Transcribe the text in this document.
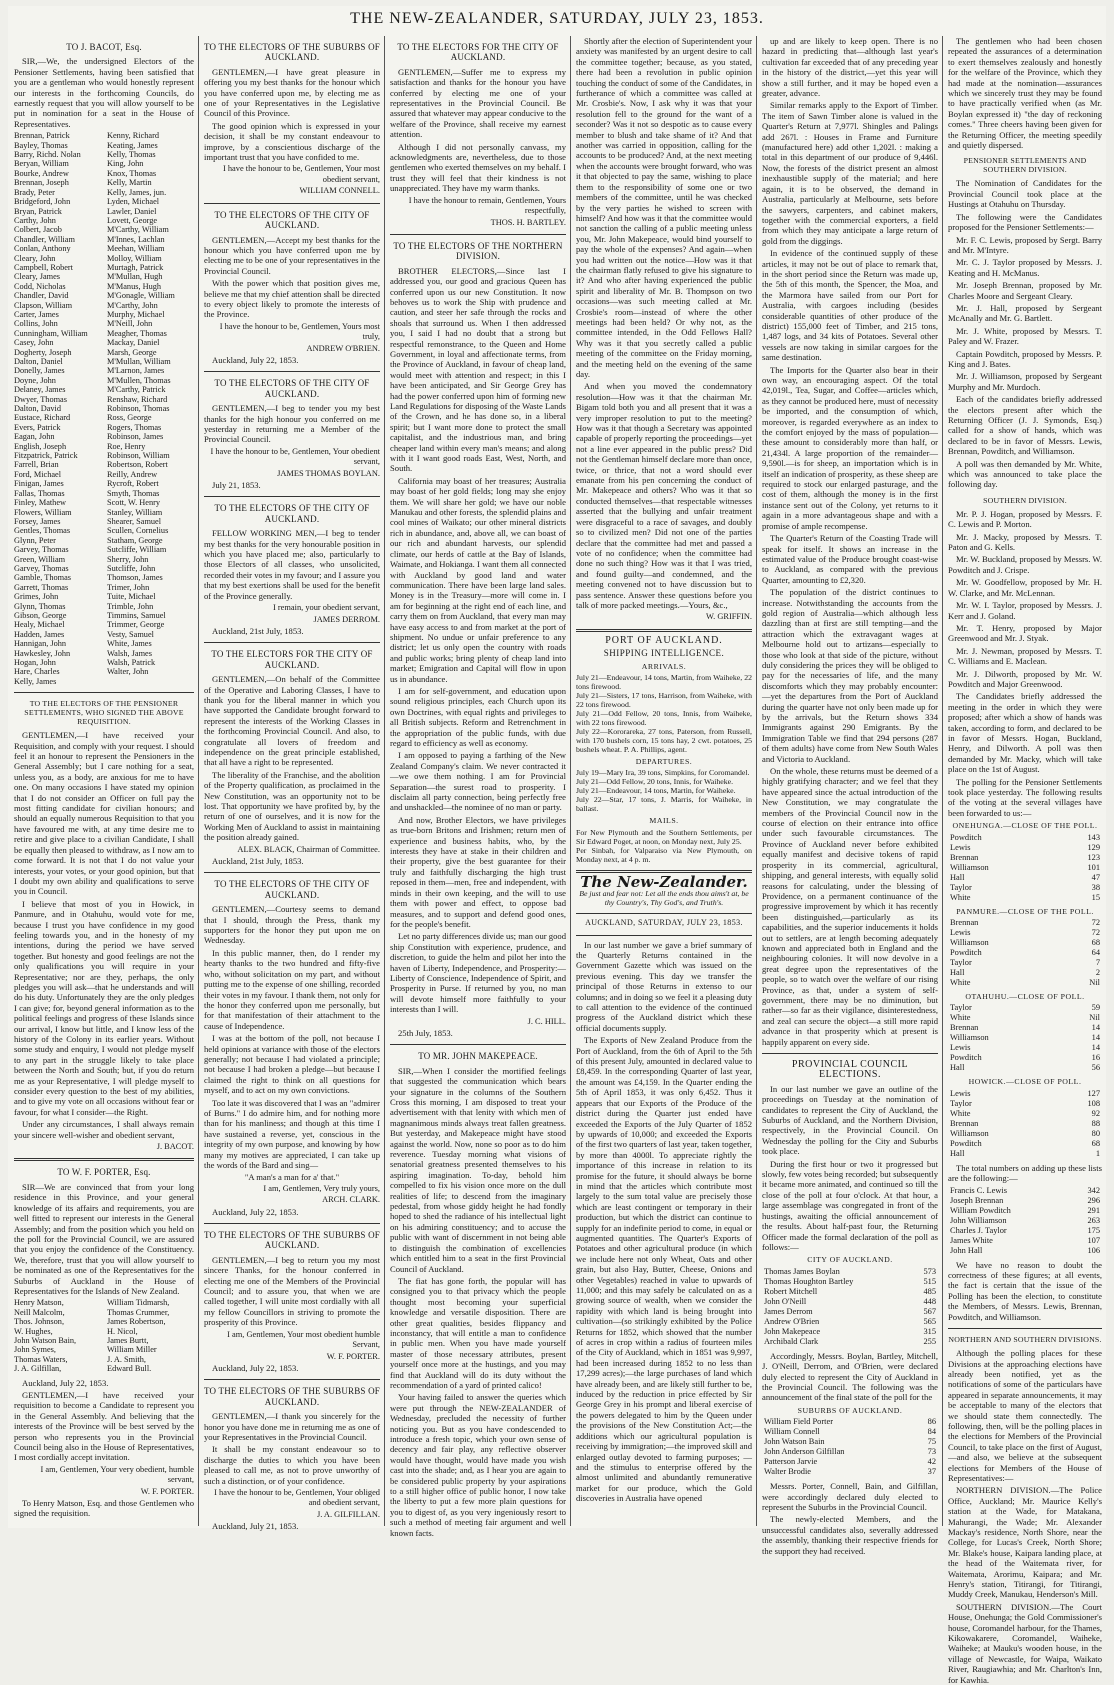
THE NEW-ZEALANDER, SATURDAY, JULY 23, 1853.
TO J. BACOT, Esq.

SIR,—We, the undersigned Electors of the Pensioner Settlements, having been satisfied that you are a gentleman who would honestly represent our interests in the forthcoming Councils, do earnestly request that you will allow yourself to be put in nomination for a seat in the House of Representatives.

Brennan, Patrick	Kenny, Richard
Bayley, Thomas	Keating, James
Barry, Richd. Nolan	Kelly, Thomas
Beryan, William	King, John
Bourke, Andrew	Knox, Thomas
Brennan, Joseph	Kelly, Martin
Brady, Peter	Kelly, James, jun.
Bridgeford, John	Lyden, Michael
Bryan, Patrick	Lawler, Daniel
Carthy, John	Lovett, George
Colbert, Jacob	M'Carthy, William
Chandler, William	M'Innes, Lachlan
Conlan, Anthony	Meehan, William
Cleary, John	Molloy, William
Campbell, Robert	Murtagh, Patrick
Cleary, James	M'Mullan, Hugh
Codd, Nicholas	M'Manus, Hugh
Chandler, David	M'Gonagle, William
Clapson, William	M'Carthy, John
Carter, James	Murphy, Michael
Collins, John	M'Neill, John
Cunningham, William	Meagher, Thomas
Casey, John	Mackay, Daniel
Dogherty, Joseph	Marsh, George
Dalton, Daniel	M'Mullan, William
Donelly, James	M'Larnon, James
Doyne, John	M'Mullen, Thomas
Delaney, James	M'Carthy, Patrick
Dwyer, Thomas	Renshaw, Richard
Dalton, David	Robinson, Thomas
Eustace, Richard	Ross, George
Evers, Patrick	Rogers, Thomas
Eagan, John	Robinson, James
English, Joseph	Roe, Henry
Fitzpatrick, Patrick	Robinson, William
Farrell, Brian	Robertson, Robert
Ford, Michael	Reilly, Andrew
Finigan, James	Rycroft, Robert
Fallas, Thomas	Smyth, Thomas
Finley, Mathew	Scott, W. Henry
Flowers, William	Stanley, William
Forsey, James	Shearer, Samuel
Gentles, Thomas	Scullen, Cornelius
Glynn, Peter	Statham, George
Garvey, Thomas	Sutcliffe, William
Green, William	Sherry, John
Garvey, Thomas	Sutcliffe, John
Gamble, Thomas	Thomson, James
Garrett, Thomas	Trimer, John
Grimes, John	Tuite, Michael
Glynn, Thomas	Trimble, John
Gibson, George	Timmins, Samuel
Healy, Michael	Trimmer, George
Hadden, James	Vesty, Samuel
Hannigan, John	White, James
Hawkesley, John	Walsh, James
Hogan, John	Walsh, Patrick
Hare, Charles	Walter, John
Kelly, James
TO THE ELECTORS OF THE PENSIONER SETTLEMENTS, WHO SIGNED THE ABOVE REQUISITION.

GENTLEMEN,—I have received your Requisition, and comply with your request. I should feel it an honour to represent the Pensioners in the General Assembly; but I care nothing for a seat, unless you, as a body, are anxious for me to have one. On many occasions I have stated my opinion that I do not consider an Officer on full pay the most fitting candidate for civilian honours; and should an equally numerous Requisition to that you have favoured me with, at any time desire me to retire and give place to a civilian Candidate, I shall be equally then pleased to withdraw, as I now am to come forward. It is not that I do not value your interests, your votes, or your good opinion, but that I doubt my own ability and qualifications to serve you in Council.

I believe that most of you in Howick, in Panmure, and in Otahuhu, would vote for me, because I trust you have confidence in my good feeling towards you, and in the honesty of my intentions, during the period we have served together. But honesty and good feelings are not the only qualifications you will require in your Representative; nor are they, perhaps, the only pledges you will ask—that he understands and will do his duty. Unfortunately they are the only pledges I can give; for, beyond general information as to the political feelings and progress of these Islands since our arrival, I know but little, and I know less of the history of the Colony in its earlier years. Without some study and enquiry, I would not pledge myself to any part in the struggle likely to take place between the North and South; but, if you do return me as your Representative, I will pledge myself to consider every question to the best of my abilities, and to give my vote on all occasions without fear or favour, for what I consider—the Right.

Under any circumstances, I shall always remain your sincere well-wisher and obedient servant,

J. BACOT.
TO W. F. PORTER, Esq.

SIR—We are convinced that from your long residence in this Province, and your general knowledge of its affairs and requirements, you are well fitted to represent our interests in the General Assembly; and from the position which you held on the poll for the Provincial Council, we are assured that you enjoy the confidence of the Constituency. We, therefore, trust that you will allow yourself to be nominated as one of the Representatives for the Suburbs of Auckland in the House of Representatives for the Islands of New Zealand.

Henry Matson,	William Tidmarsh,
Neill Malcolm,	Thomas Crummer,
Thos. Johnson,	James Robertson,
W. Hughes,	H. Nicol,
John Watson Bain,	James Burtt,
John Symes,	William Miller
Thomas Waters,	J. A. Smith,
J. A. Gilfillan,	Edward Bull.

Auckland, July 22, 1853.

GENTLEMEN,—I have received your requisition to become a Candidate to represent you in the General Assembly. And believing that the interests of the Province will be best served by the person who represents you in the Provincial Council being also in the House of Representatives, I most cordially accept invitation.

I am, Gentlemen, Your very obedient, humble servant,
W. F. PORTER.

To Henry Matson, Esq. and those Gentlemen who signed the requisition.

TO THE ELECTORS OF THE SUBURBS OF AUCKLAND.

GENTLEMEN,—I have great pleasure in offering you my best thanks for the honour which you have conferred upon me, by electing me as one of your Representatives in the Legislative Council of this Province.

The good opinion which is expressed in your decision, it shall be my constant endeavour to improve, by a conscientious discharge of the important trust that you have confided to me.

I have the honour to be, Gentlemen, Your most obedient servant,
WILLIAM CONNELL.
TO THE ELECTORS OF THE CITY OF AUCKLAND.

GENTLEMEN,—Accept my best thanks for the honour which you have conferred upon me by electing me to be one of your representatives in the Provincial Council.

With the power which that position gives me, believe me that my chief attention shall be directed to every object likely to promote the interests of the Province.

I have the honour to be, Gentlemen, Yours most truly,
ANDREW O'BRIEN.

Auckland, July 22, 1853.

TO THE ELECTORS OF THE CITY OF AUCKLAND.

GENTLEMEN,—I beg to tender you my best thanks for the high honour you conferred on me yesterday in returning me a Member of the Provincial Council.

I have the honour to be, Gentlemen, Your obedient servant,
JAMES THOMAS BOYLAN.

July 21, 1853.

TO THE ELECTORS OF THE CITY OF AUCKLAND.

FELLOW WORKING MEN,—I beg to tender my best thanks for the very honourable position in which you have placed me; also, particularly to those Electors of all classes, who unsolicited, recorded their votes in my favour; and I assure you that my best exertions shall be used for the benefit of the Province generally.

I remain, your obedient servant,
JAMES DERROM.

Auckland, 21st July, 1853.

TO THE ELECTORS FOR THE CITY OF AUCKLAND.

GENTLEMEN,—On behalf of the Committee of the Operative and Laboring Classes, I have to thank you for the liberal manner in which you have supported the Candidate brought forward to represent the interests of the Working Classes in the forthcoming Provincial Council. And also, to congratulate all lovers of freedom and independence on the great principle established, that all have a right to be represented.

The liberality of the Franchise, and the abolition of the Property qualification, as proclaimed in the New Constitution, was an opportunity not to be lost. That opportunity we have profited by, by the return of one of ourselves, and it is now for the Working Men of Auckland to assist in maintaining the position already gained.

ALEX. BLACK, Chairman of Committee.

Auckland, 21st July, 1853.

TO THE ELECTORS OF THE CITY OF AUCKLAND.

GENTLEMEN,—Courtesy seems to demand that I should, through the Press, thank my supporters for the honor they put upon me on Wednesday.

In this public manner, then, do I render my hearty thanks to the two hundred and fifty-five who, without solicitation on my part, and without putting me to the expense of one shilling, recorded their votes in my favour. I thank them, not only for the honor they conferred upon me personally, but for that manifestation of their attachment to the cause of Independence.

I was at the bottom of the poll, not because I held opinions at variance with those of the electors generally; not because I had violated a principle; not because I had broken a pledge—but because I claimed the right to think on all questions for myself, and to act on my own convictions.

Too late it was discovered that I was an "admirer of Burns." I do admire him, and for nothing more than for his manliness; and though at this time I have sustained a reverse, yet, conscious in the integrity of my own purpose, and knowing by how many my motives are appreciated, I can take up the words of the Bard and sing—

"A man's a man for a' that."
I am, Gentlemen, Very truly yours,
ARCH. CLARK.

Auckland, July 22, 1853.

TO THE ELECTORS OF THE SUBURBS OF AUCKLAND.

GENTLEMEN,—I beg to return you my most sincere Thanks, for the honour conferred in electing me one of the Members of the Provincial Council; and to assure you, that when we are called together, I will unite most cordially with all my fellow Councillors in striving to promote the prosperity of this Province.

I am, Gentlemen, Your most obedient humble Servant,
W. F. PORTER.

Auckland, July 22, 1853.

TO THE ELECTORS OF THE SUBURBS OF AUCKLAND.

GENTLEMEN,—I thank you sincerely for the honor you have done me in returning me as one of your Representatives in the Provincial Council.

It shall be my constant endeavour so to discharge the duties to which you have been pleased to call me, as not to prove unworthy of such a distinction, or of your confidence.

I have the honour to be, Gentlemen, Your obliged and obedient servant,
J. A. GILFILLAN.

Auckland, July 21, 1853.

TO THE ELECTORS FOR THE CITY OF AUCKLAND.

GENTLEMEN,—Suffer me to express my satisfaction and thanks for the honour you have conferred by electing me one of your representatives in the Provincial Council. Be assured that whatever may appear conducive to the welfare of the Province, shall receive my earnest attention.

Although I did not personally canvass, my acknowledgments are, nevertheless, due to those gentlemen who exerted themselves on my behalf. I trust they will feel that their kindness is not unappreciated. They have my warm thanks.

I have the honour to remain, Gentlemen, Yours respectfully,
THOS. H. BARTLEY.
TO THE ELECTORS OF THE NORTHERN DIVISION.

BROTHER ELECTORS,—Since last I addressed you, our good and gracious Queen has conferred upon us our new Constitution. It now behoves us to work the Ship with prudence and caution, and steer her safe through the rocks and shoals that surround us. When I then addressed you, I said I had no doubt that a strong but respectful remonstrance, to the Queen and Home Government, in loyal and affectionate terms, from the Province of Auckland, in favour of cheap land, would meet with attention and respect; in this I have been anticipated, and Sir George Grey has had the power conferred upon him of forming new Land Regulations for disposing of the Waste Lands of the Crown, and he has done so, in a liberal spirit; but I want more done to protect the small capitalist, and the industrious man, and bring cheaper land within every man's means; and along with it I want good roads East, West, North, and South.

California may boast of her treasures; Australia may boast of her gold fields; long may she enjoy them. We will share her gold; we have our noble Manukau and other forests, the splendid plains and cool mines of Waikato; our other mineral districts rich in abundance, and, above all, we can boast of our rich and abundant harvests, our splendid climate, our herds of cattle at the Bay of Islands, Waimate, and Hokianga. I want them all connected with Auckland by good land and water communication. There have been large land sales. Money is in the Treasury—more will come in. I am for beginning at the right end of each line, and carry them on from Auckland, that every man may have easy access to and from market at the port of shipment. No undue or unfair preference to any district; let us only open the country with roads and public works; bring plenty of cheap land into market; Emigration and Capital will flow in upon us in abundance.

I am for self-government, and education upon sound religious principles, each Church upon its own Doctrines, with equal rights and privileges to all British subjects. Reform and Retrenchment in the appropriation of the public funds, with due regard to efficiency as well as economy.

I am opposed to paying a farthing of the New Zealand Company's claim. We never contracted it—we owe them nothing. I am for Provincial Separation—the surest road to prosperity. I disclaim all party connection, being perfectly free and unshackled—the nominee of no man or party.

And now, Brother Electors, we have privileges as true-born Britons and Irishmen; return men of experience and business habits, who, by the interests they have at stake in their children and their property, give the best guarantee for their truly and faithfully discharging the high trust reposed in them—men, free and independent, with minds in their own keeping, and the will to use them with power and effect, to oppose bad measures, and to support and defend good ones, for the people's benefit.

Let no party differences divide us; man our good ship Constitution with experience, prudence, and discretion, to guide the helm and pilot her into the haven of Liberty, Independence, and Prosperity:—Liberty of Conscience, Independence of Spirit, and Prosperity in Purse. If returned by you, no man will devote himself more faithfully to your interests than I will.

J. C. HILL.

25th July, 1853.

TO MR. JOHN MAKEPEACE.

SIR,—When I consider the mortified feelings that suggested the communication which bears your signature in the columns of the Southern Cross this morning, I am disposed to treat your advertisement with that lenity with which men of magnanimous minds always treat fallen greatness. But yesterday, and Makepeace might have stood against the world. Now, none so poor as to do him reverence. Tuesday morning what visions of senatorial greatness presented themselves to his aspiring imagination. To-day, behold him compelled to fix his vision once more on the dull realities of life; to descend from the imaginary pedestal, from whose giddy height he had fondly hoped to shed the radiance of his intellectual light on his admiring constituency; and to accuse the public with want of discernment in not being able to distinguish the combination of excellencies which entitled him to a seat in the first Provincial Council of Auckland.

The fiat has gone forth, the popular will has consigned you to that privacy which the people thought most becoming your superficial knowledge and versatile disposition. There are other great qualities, besides flippancy and inconstancy, that will entitle a man to confidence in public men. When you have made yourself master of those necessary attributes, present yourself once more at the hustings, and you may find that Auckland will do its duty without the recommendation of a yard of printed calico!

Your having failed to answer the queries which were put through the NEW-ZEALANDER of Wednesday, precluded the necessity of further noticing you. But as you have condescended to introduce a fresh topic, which your own sense of decency and fair play, any reflective observer would have thought, would have made you wish cast into the shade; and, as I hear you are again to be considered public property by your aspirations to a still higher office of public honor, I now take the liberty to put a few more plain questions for you to digest of, as you very ingeniously resort to such a method of meeting fair argument and well known facts.

Shortly after the election of Superintendent your anxiety was manifested by an urgent desire to call the committee together; because, as you stated, there had been a revolution in public opinion touching the conduct of some of the Candidates, in furtherance of which a committee was called at Mr. Crosbie's. Now, I ask why it was that your resolution fell to the ground for the want of a seconder? Was it not so despotic as to cause every member to blush and take shame of it? And that another was carried in opposition, calling for the accounts to be produced? And, at the next meeting when the accounts were brought forward, who was it that objected to pay the same, wishing to place them to the responsibility of some one or two members of the committee, until he was checked by the very parties he wished to screen with himself? And how was it that the committee would not sanction the calling of a public meeting unless you, Mr. John Makepeace, would bind yourself to pay the whole of the expenses? And again—when you had written out the notice—How was it that the chairman flatly refused to give his signature to it? And who after having experienced the public spirit and liberality of Mr. B. Thompson on two occasions—was such meeting called at Mr. Crosbie's room—instead of where the other meetings had been held? Or why not, as the committee intended, in the Odd Fellows Hall? Why was it that you secretly called a public meeting of the committee on the Friday morning, and the meeting held on the evening of the same day.

And when you moved the condemnatory resolution—How was it that the chairman Mr. Bigam told both you and all present that it was a very improper resolution to put to the meeting? How was it that though a Secretary was appointed capable of properly reporting the proceedings—yet not a line ever appeared in the public press? Did not the Gentleman himself declare more than once, twice, or thrice, that not a word should ever emanate from his pen concerning the conduct of Mr. Makepeace and others? Who was it that so conducted themselves—that respectable witnesses asserted that the bullying and unfair treatment were disgraceful to a race of savages, and doubly so to civilized men? Did not one of the parties declare that the committee had met and passed a vote of no confidence; when the committee had done no such thing? How was it that I was tried, and found guilty—and condemned, and the meeting convened not to have discussion but to pass sentence. Answer these questions before you talk of more packed meetings.—Yours, &c.,

W. GRIFFIN.
PORT OF AUCKLAND.
SHIPPING INTELLIGENCE.
ARRIVALS.
July 21—Endeavour, 14 tons, Martin, from Waiheke, 22 tons firewood.
July 21—Sisters, 17 tons, Harrison, from Waiheke, with 22 tons firewood.
July 21—Odd Fellow, 20 tons, Innis, from Waiheke, with 22 tons firewood.
July 22—Kororareka, 27 tons, Paterson, from Russell, with 170 bushels corn, 15 tons hay, 2 cwt. potatoes, 25 bushels wheat. P. A. Phillips, agent.
DEPARTURES.
July 19—Mary Ira, 39 tons, Simpkins, for Coromandel.
July 21—Odd Fellow, 20 tons, Innis, for Waiheke.
July 21—Endeavour, 14 tons, Martin, for Waiheke.
July 22—Star, 17 tons, J. Marris, for Waiheke, in ballast.
MAILS.
For New Plymouth and the Southern Settlements, per Sir Edward Poget, at noon, on Monday next, July 25.
Per Sinbah, for Valparaiso via New Plymouth, on Monday next, at 4 p. m.
The New-Zealander.
Be just and fear not: Let all the ends thou aims't at, be thy Country's, Thy God's, and Truth's.
AUCKLAND, SATURDAY, JULY 23, 1853.

In our last number we gave a brief summary of the Quarterly Returns contained in the Government Gazette which was issued on the previous evening. This day we transfer the principal of those Returns in extenso to our columns; and in doing so we feel it a pleasing duty to call attention to the evidence of the continued progress of the Auckland district which these official documents supply.

The Exports of New Zealand Produce from the Port of Auckland, from the 6th of April to the 5th of this present July, amounted in declared value to £8,459. In the corresponding Quarter of last year, the amount was £4,159. In the Quarter ending the 5th of April 1853, it was only 6,452. Thus it appears that our Exports of the Produce of the district during the Quarter just ended have exceeded the Exports of the July Quarter of 1852 by upwards of 10,000; and exceeded the Exports of the first two quarters of last year, taken together, by more than 4000l. To appreciate rightly the importance of this increase in relation to its promise for the future, it should always be borne in mind that the articles which contribute most largely to the sum total value are precisely those which are least contingent or temporary in their production, but which the district can continue to supply for an indefinite period to come, in equal or augmented quantities. The Quarter's Exports of Potatoes and other agricultural produce (in which we include here not only Wheat, Oats and other grain, but also Hay, Butter, Cheese, Onions and other Vegetables) reached in value to upwards of 11,000; and this may safely be calculated on as a growing source of wealth, when we consider the rapidity with which land is being brought into cultivation—(so strikingly exhibited by the Police Returns for 1852, which showed that the number of acres in crop within a radius of fourteen miles of the City of Auckland, which in 1851 was 9,997, had been increased during 1852 to no less than 17,299 acres);—the large purchases of land which have already been, and are likely still further to be, induced by the reduction in price effected by Sir George Grey in his prompt and liberal exercise of the powers delegated to him by the Queen under the provisions of the New Constitution Act;—the additions which our agricultural population is receiving by immigration;—the improved skill and enlarged outlay devoted to farming purposes; —and the stimulus to enterprise offered by the almost unlimited and abundantly remunerative market for our produce, which the Gold discoveries in Australia have opened

up and are likely to keep open. There is no hazard in predicting that—although last year's cultivation far exceeded that of any preceding year in the history of the district,—yet this year will show a still further, and it may be hoped even a greater, advance.

Similar remarks apply to the Export of Timber. The item of Sawn Timber alone is valued in the Quarter's Return at 7,977l. Shingles and Palings add 267l. : Houses in Frame and Furniture (manufactured here) add other 1,202l. : making a total in this department of our produce of 9,446l. Now, the forests of the district present an almost inexhaustible supply of the material; and here again, it is to be observed, the demand in Australia, particularly at Melbourne, sets before the sawyers, carpenters, and cabinet makers, together with the commercial exporters, a field from which they may anticipate a large return of gold from the diggings.

In evidence of the continued supply of these articles, it may not be out of place to remark that, in the short period since the Return was made up, the 5th of this month, the Spencer, the Moa, and the Marmora have sailed from our Port for Australia, with cargoes including (besides considerable quantities of other produce of the district) 155,000 feet of Timber, and 215 tons, 1,487 logs, and 34 kits of Potatoes. Several other vessels are now taking in similar cargoes for the same destination.

The Imports for the Quarter also bear in their own way, an encouraging aspect. Of the total 42,019l., Tea, Sugar, and Coffee—articles which, as they cannot be produced here, must of necessity be imported, and the consumption of which, moreover, is regarded everywhere as an index to the comfort enjoyed by the mass of population—these amount to considerably more than half, or 21,434l. A large proportion of the remainder—9,590l.—is for sheep, an importation which is in itself an indication of prosperity, as these sheep are required to stock our enlarged pasturage, and the cost of them, although the money is in the first instance sent out of the Colony, yet returns to it again in a more advantageous shape and with a promise of ample recompense.

The Quarter's Return of the Coasting Trade will speak for itself. It shows an increase in the estimated value of the Produce brought coast-wise to Auckland, as compared with the previous Quarter, amounting to £2,320.

The population of the district continues to increase. Notwithstanding the accounts from the gold region of Australia—which although less dazzling than at first are still tempting—and the attraction which the extravagant wages at Melbourne hold out to artizans—especially to those who look at that side of the picture, without duly considering the prices they will be obliged to pay for the necessaries of life, and the many discomforts which they may probably encounter:—yet the departures from the Port of Auckland during the quarter have not only been made up for by the arrivals, but the Return shows 334 Immigrants against 290 Emigrants. By the Immigration Table we find that 294 persons (287 of them adults) have come from New South Wales and Victoria to Auckland.

On the whole, these returns must be deemed of a highly gratifying character; and we feel that they have appeared since the actual introduction of the New Constitution, we may congratulate the members of the Provincial Council now in the course of election on their entrance into office under such favourable circumstances. The Province of Auckland never before exhibited equally manifest and decisive tokens of rapid prosperity in its commercial, agricultural, shipping, and general interests, with equally solid reasons for calculating, under the blessing of Providence, on a permanent continuance of the progressive improvement by which it has recently been distinguished,—particularly as its capabilities, and the superior inducements it holds out to settlers, are at length becoming adequately known and appreciated both in England and the neighbouring colonies. It will now devolve in a great degree upon the representatives of the people, so to watch over the welfare of our rising Province, as that, under a system of self-government, there may be no diminution, but rather—so far as their vigilance, disinterestedness, and zeal can secure the object—a still more rapid advance in that prosperity which at present is happily apparent on every side.

PROVINCIAL COUNCIL ELECTIONS.

In our last number we gave an outline of the proceedings on Tuesday at the nomination of candidates to represent the City of Auckland, the Suburbs of Auckland, and the Northern Division, respectively, in the Provincial Council. On Wednesday the polling for the City and Suburbs took place.

During the first hour or two it progressed but slowly, few votes being recorded; but subsequently it became more animated, and continued so till the close of the poll at four o'clock. At that hour, a large assemblage was congregated in front of the hustings, awaiting the official announcement of the results. About half-past four, the Returning Officer made the formal declaration of the poll as follows:—

CITY OF AUCKLAND.
Thomas James Boylan	573
Thomas Houghton Bartley	515
Robert Mitchell	485
John O'Neill	448
James Derrom	567
Andrew O'Brien	565
John Makepeace	315
Archibald Clark	255

Accordingly, Messrs. Boylan, Bartley, Mitchell, J. O'Neill, Derrom, and O'Brien, were declared duly elected to represent the City of Auckland in the Provincial Council. The following was the announcement of the final state of the poll for the

SUBURBS OF AUCKLAND.
William Field Porter	86
William Connell	84
John Watson Bain	75
John Anderson Gilfillan	73
Patterson Jarvie	42
Walter Brodie	37

Messrs. Porter, Connell, Bain, and Gilfillan, were accordingly declared duly elected to represent the Suburbs in the Provincial Council.

The newly-elected Members, and the unsuccessful candidates also, severally addressed the assembly, thanking their respective friends for the support they had received.

The gentlemen who had been chosen repeated the assurances of a determination to exert themselves zealously and honestly for the welfare of the Province, which they had made at the nomination—assurances which we sincerely trust they may be found to have practically verified when (as Mr. Boylan expressed it) "the day of reckoning comes." Three cheers having been given for the Returning Officer, the meeting speedily and quietly dispersed.

PENSIONER SETTLEMENTS AND SOUTHERN DIVISION.

The Nomination of Candidates for the Provincial Council took place at the Hustings at Otahuhu on Thursday.

The following were the Candidates proposed for the Pensioner Settlements:—

Mr. F. C. Lewis, proposed by Sergt. Barry and Mr. M'Intyre.

Mr. C. J. Taylor proposed by Messrs. J. Keating and H. McManus.

Mr. Joseph Brennan, proposed by Mr. Charles Moore and Sergeant Cleary.

Mr. J. Hall, proposed by Sergeant McAnally and Mr. G. Bartlett.

Mr. J. White, proposed by Messrs. T. Paley and W. Frazer.

Captain Powditch, proposed by Messrs. P. King and J. Bates.

Mr. J. Williamson, proposed by Sergeant Murphy and Mr. Murdoch.

Each of the candidates briefly addressed the electors present after which the Returning Officer (J. J. Symonds, Esq.) called for a show of hands, which was declared to be in favor of Messrs. Lewis, Brennan, Powditch, and Williamson.

A poll was then demanded by Mr. White, which was announced to take place the following day.

SOUTHERN DIVISION.

Mr. P. J. Hogan, proposed by Messrs. F. C. Lewis and P. Morton.

Mr. J. Macky, proposed by Messrs. T. Paton and G. Kells.

Mr. W. Buckland, proposed by Messrs. W. Powditch and J. Crispe.

Mr. W. Goodfellow, proposed by Mr. H. W. Clarke, and Mr. McLennan.

Mr. W. I. Taylor, proposed by Messrs. J. Kerr and J. Goland.

Mr. T. Henry, proposed by Major Greenwood and Mr. J. Styak.

Mr. J. Newman, proposed by Messrs. T. C. Williams and E. Maclean.

Mr. J. Dilworth, proposed by Mr. W. Powditch and Major Greenwood.

The Candidates briefly addressed the meeting in the order in which they were proposed; after which a show of hands was taken, according to form, and declared to be in favor of Messrs. Hogan, Buckland, Henry, and Dilworth. A poll was then demanded by Mr. Macky, which will take place on the 1st of August.

The polling for the Pensioner Settlements took place yesterday. The following results of the voting at the several villages have been forwarded to us:—

ONEHUNGA.—CLOSE OF THE POLL.
Powditch	143
Lewis	129
Brennan	123
Williamson	101
Hall	47
Taylor	38
White	15
PANMURE.—CLOSE OF THE POLL.
Brennan	72
Lewis	72
Williamson	68
Powditch	64
Taylor	7
Hall	2
White	Nil
OTAHUHU.—CLOSE OF POLL.
Taylor	59
White	Nil
Brennan	14
Williamson	14
Lewis	14
Powditch	16
Hall	56
HOWICK.—CLOSE OF POLL.
Lewis	127
Taylor	108
White	92
Brennan	88
Williamson	80
Powditch	68
Hall	1

The total numbers on adding up these lists are the following:—

Francis C. Lewis	342
Joseph Brennan	296
William Powditch	291
John Williamson	263
Charles J. Taylor	175
James White	107
John Hall	106

We have no reason to doubt the correctness of these figures; at all events, the fact is certain that the issue of the Polling has been the election, to constitute the Members, of Messrs. Lewis, Brennan, Powditch, and Williamson.

NORTHERN AND SOUTHERN DIVISIONS.

Although the polling places for these Divisions at the approaching elections have already been notified, yet as the notifications of some of the particulars have appeared in separate announcements, it may be acceptable to many of the electors that we should state them connectedly. The following, then, will be the polling places in the elections for Members of the Provincial Council, to take place on the first of August,—and also, we believe at the subsequent elections for Members of the House of Representatives:—

NORTHERN DIVISION.—The Police Office, Auckland; Mr. Maurice Kelly's station at the Wade, for Matakana, Mahurangi, the Wade; Mr. Alexander Mackay's residence, North Shore, near the College, for Lucas's Creek, North Shore; Mr. Blake's house, Kaipara landing place, at the head of the Waitemata river, for Waitemata, Arorimu, Kaipara; and Mr. Henry's station, Titirangi, for Titirangi, Muddy Creek, Manukau, Henderson's Mill.

SOUTHERN DIVISION.—The Court House, Onehunga; the Gold Commissioner's house, Coromandel harbour, for the Thames, Kikowakarere, Coromandel, Waiheke, Waiheke; at Mauku's wooden house, in the village of Newcastle, for Waipa, Waikato River, Raugiawhia; and Mr. Charlton's Inn, for Kawhia.
